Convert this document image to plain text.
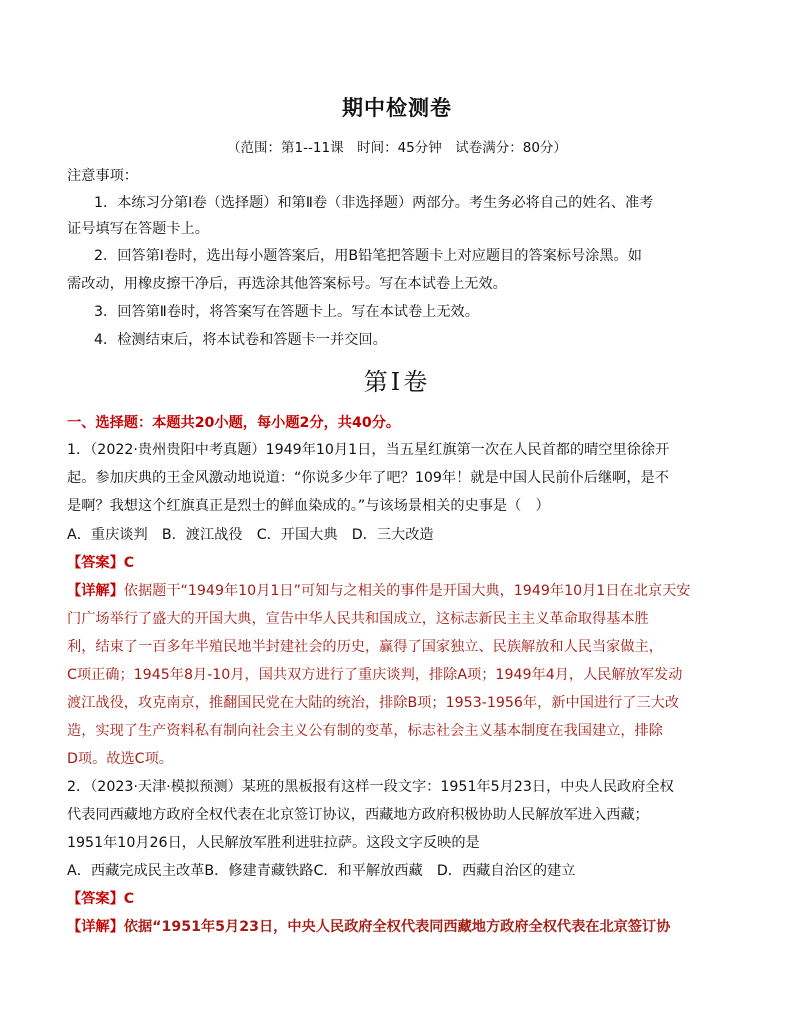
期中检测卷
（范围：第1--11课　时间：45分钟　试卷满分：80分）
注意事项：
1．本练习分第Ⅰ卷（选择题）和第Ⅱ卷（非选择题）两部分。考生务必将自己的姓名、准考
证号填写在答题卡上。
2．回答第Ⅰ卷时，选出每小题答案后，用B铅笔把答题卡上对应题目的答案标号涂黑。如
需改动，用橡皮擦干净后，再选涂其他答案标号。写在本试卷上无效。
3．回答第Ⅱ卷时，将答案写在答题卡上。写在本试卷上无效。
4．检测结束后，将本试卷和答题卡一并交回。
第Ⅰ卷
一、选择题：本题共20小题，每小题2分，共40分。
1．（2022·贵州贵阳中考真题）1949年10月1日，当五星红旗第一次在人民首都的晴空里徐徐开
起。参加庆典的王金风激动地说道：“你说多少年了吧？109年！就是中国人民前仆后继啊，是不
是啊？我想这个红旗真正是烈士的鲜血染成的。”与该场景相关的史事是（　）
A．重庆谈判　B．渡江战役　C．开国大典　D．三大改造
【答案】C
【详解】依据题干“1949年10月1日”可知与之相关的事件是开国大典，1949年10月1日在北京天安
门广场举行了盛大的开国大典，宣告中华人民共和国成立，这标志新民主主义革命取得基本胜
利，结束了一百多年半殖民地半封建社会的历史，赢得了国家独立、民族解放和人民当家做主，
C项正确；1945年8月-10月，国共双方进行了重庆谈判，排除A项；1949年4月，人民解放军发动
渡江战役，攻克南京，推翻国民党在大陆的统治，排除B项；1953-1956年，新中国进行了三大改
造，实现了生产资料私有制向社会主义公有制的变革，标志社会主义基本制度在我国建立，排除
D项。故选C项。
2．（2023·天津·模拟预测）某班的黑板报有这样一段文字：1951年5月23日，中央人民政府全权
代表同西藏地方政府全权代表在北京签订协议，西藏地方政府积极协助人民解放军进入西藏；
1951年10月26日，人民解放军胜利进驻拉萨。这段文字反映的是
A．西藏完成民主改革B．修建青藏铁路C．和平解放西藏　D．西藏自治区的建立
【答案】C
【详解】依据“1951年5月23日，中央人民政府全权代表同西藏地方政府全权代表在北京签订协
